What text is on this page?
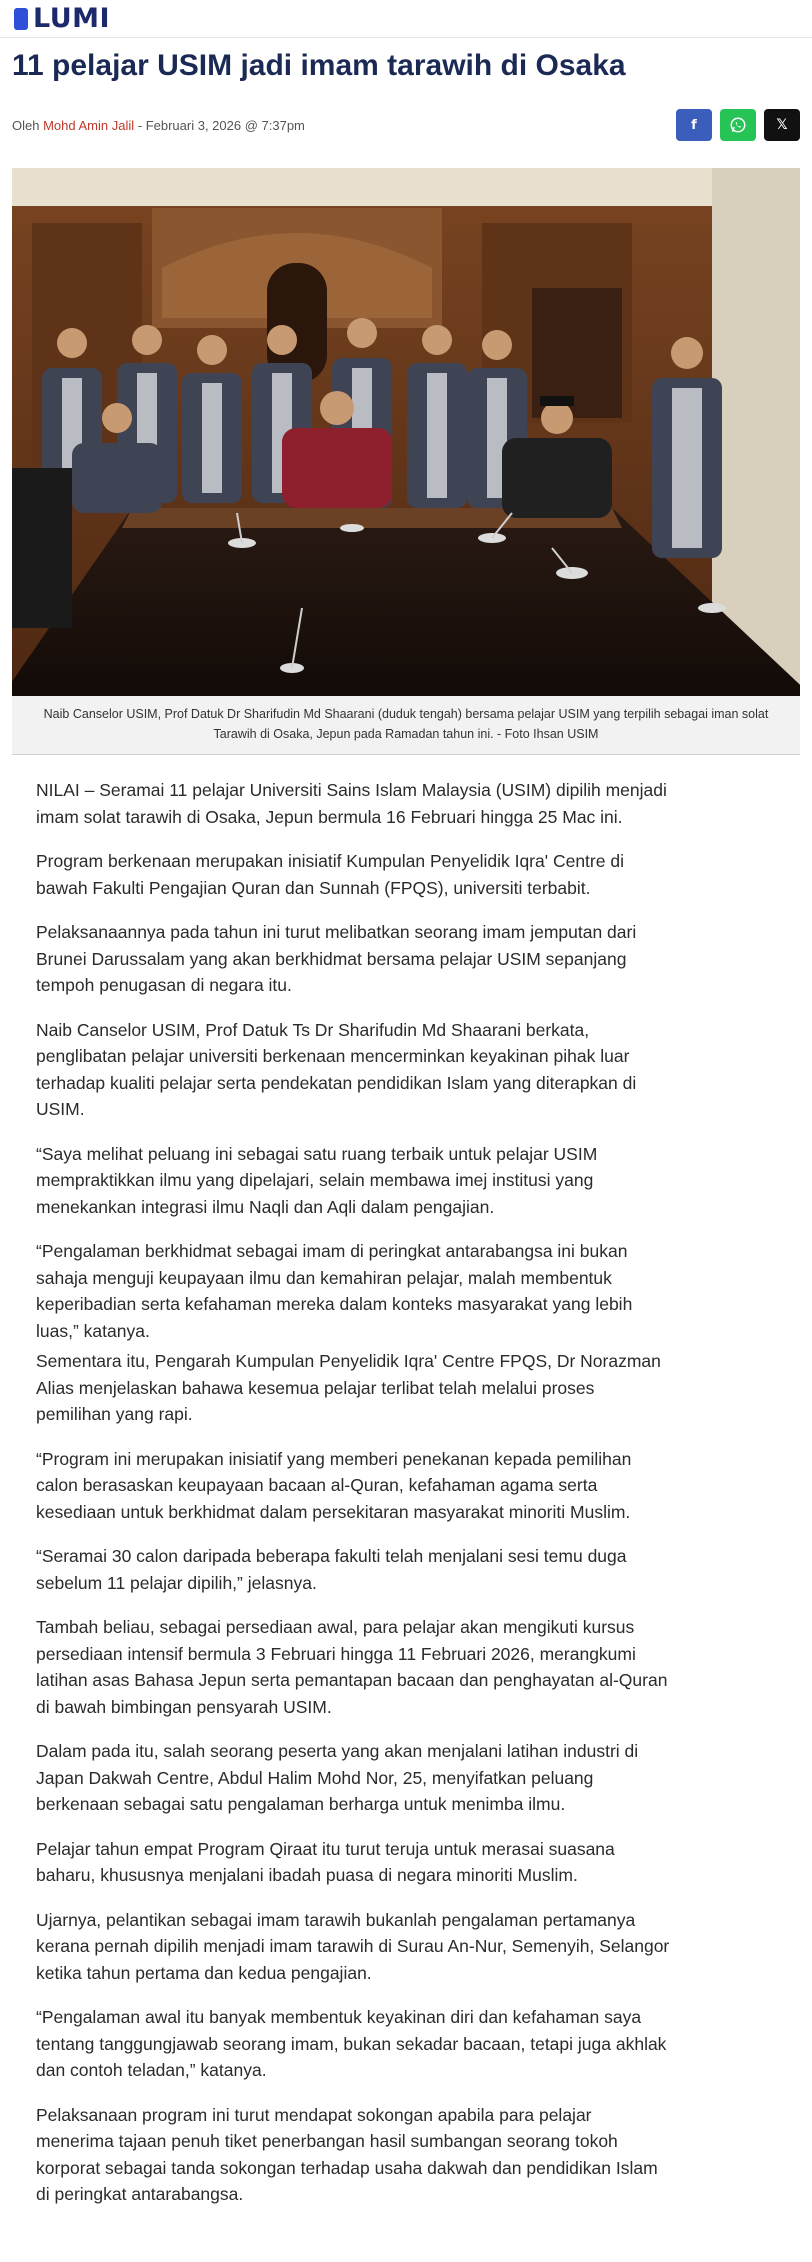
LUMI
11 pelajar USIM jadi imam tarawih di Osaka
Oleh Mohd Amin Jalil - Februari 3, 2026 @ 7:37pm	f	𝕏
Naib Canselor USIM, Prof Datuk Dr Sharifudin Md Shaarani (duduk tengah) bersama pelajar USIM yang terpilih sebagai iman solat Tarawih di Osaka, Jepun pada Ramadan tahun ini. - Foto Ihsan USIM

NILAI – Seramai 11 pelajar Universiti Sains Islam Malaysia (USIM) dipilih menjadi imam solat tarawih di Osaka, Jepun bermula 16 Februari hingga 25 Mac ini.

Program berkenaan merupakan inisiatif Kumpulan Penyelidik Iqra' Centre di bawah Fakulti Pengajian Quran dan Sunnah (FPQS), universiti terbabit.

Pelaksanaannya pada tahun ini turut melibatkan seorang imam jemputan dari Brunei Darussalam yang akan berkhidmat bersama pelajar USIM sepanjang tempoh penugasan di negara itu.

Naib Canselor USIM, Prof Datuk Ts Dr Sharifudin Md Shaarani berkata, penglibatan pelajar universiti berkenaan mencerminkan keyakinan pihak luar terhadap kualiti pelajar serta pendekatan pendidikan Islam yang diterapkan di USIM.

“Saya melihat peluang ini sebagai satu ruang terbaik untuk pelajar USIM mempraktikkan ilmu yang dipelajari, selain membawa imej institusi yang menekankan integrasi ilmu Naqli dan Aqli dalam pengajian.

“Pengalaman berkhidmat sebagai imam di peringkat antarabangsa ini bukan sahaja menguji keupayaan ilmu dan kemahiran pelajar, malah membentuk keperibadian serta kefahaman mereka dalam konteks masyarakat yang lebih luas,” katanya.

Sementara itu, Pengarah Kumpulan Penyelidik Iqra' Centre FPQS, Dr Norazman Alias menjelaskan bahawa kesemua pelajar terlibat telah melalui proses pemilihan yang rapi.

“Program ini merupakan inisiatif yang memberi penekanan kepada pemilihan calon berasaskan keupayaan bacaan al-Quran, kefahaman agama serta kesediaan untuk berkhidmat dalam persekitaran masyarakat minoriti Muslim.

“Seramai 30 calon daripada beberapa fakulti telah menjalani sesi temu duga sebelum 11 pelajar dipilih,” jelasnya.

Tambah beliau, sebagai persediaan awal, para pelajar akan mengikuti kursus persediaan intensif bermula 3 Februari hingga 11 Februari 2026, merangkumi latihan asas Bahasa Jepun serta pemantapan bacaan dan penghayatan al-Quran di bawah bimbingan pensyarah USIM.

Dalam pada itu, salah seorang peserta yang akan menjalani latihan industri di Japan Dakwah Centre, Abdul Halim Mohd Nor, 25, menyifatkan peluang berkenaan sebagai satu pengalaman berharga untuk menimba ilmu.

Pelajar tahun empat Program Qiraat itu turut teruja untuk merasai suasana baharu, khususnya menjalani ibadah puasa di negara minoriti Muslim.

Ujarnya, pelantikan sebagai imam tarawih bukanlah pengalaman pertamanya kerana pernah dipilih menjadi imam tarawih di Surau An-Nur, Semenyih, Selangor ketika tahun pertama dan kedua pengajian.

“Pengalaman awal itu banyak membentuk keyakinan diri dan kefahaman saya tentang tanggungjawab seorang imam, bukan sekadar bacaan, tetapi juga akhlak dan contoh teladan,” katanya.

Pelaksanaan program ini turut mendapat sokongan apabila para pelajar menerima tajaan penuh tiket penerbangan hasil sumbangan seorang tokoh korporat sebagai tanda sokongan terhadap usaha dakwah dan pendidikan Islam di peringkat antarabangsa.
